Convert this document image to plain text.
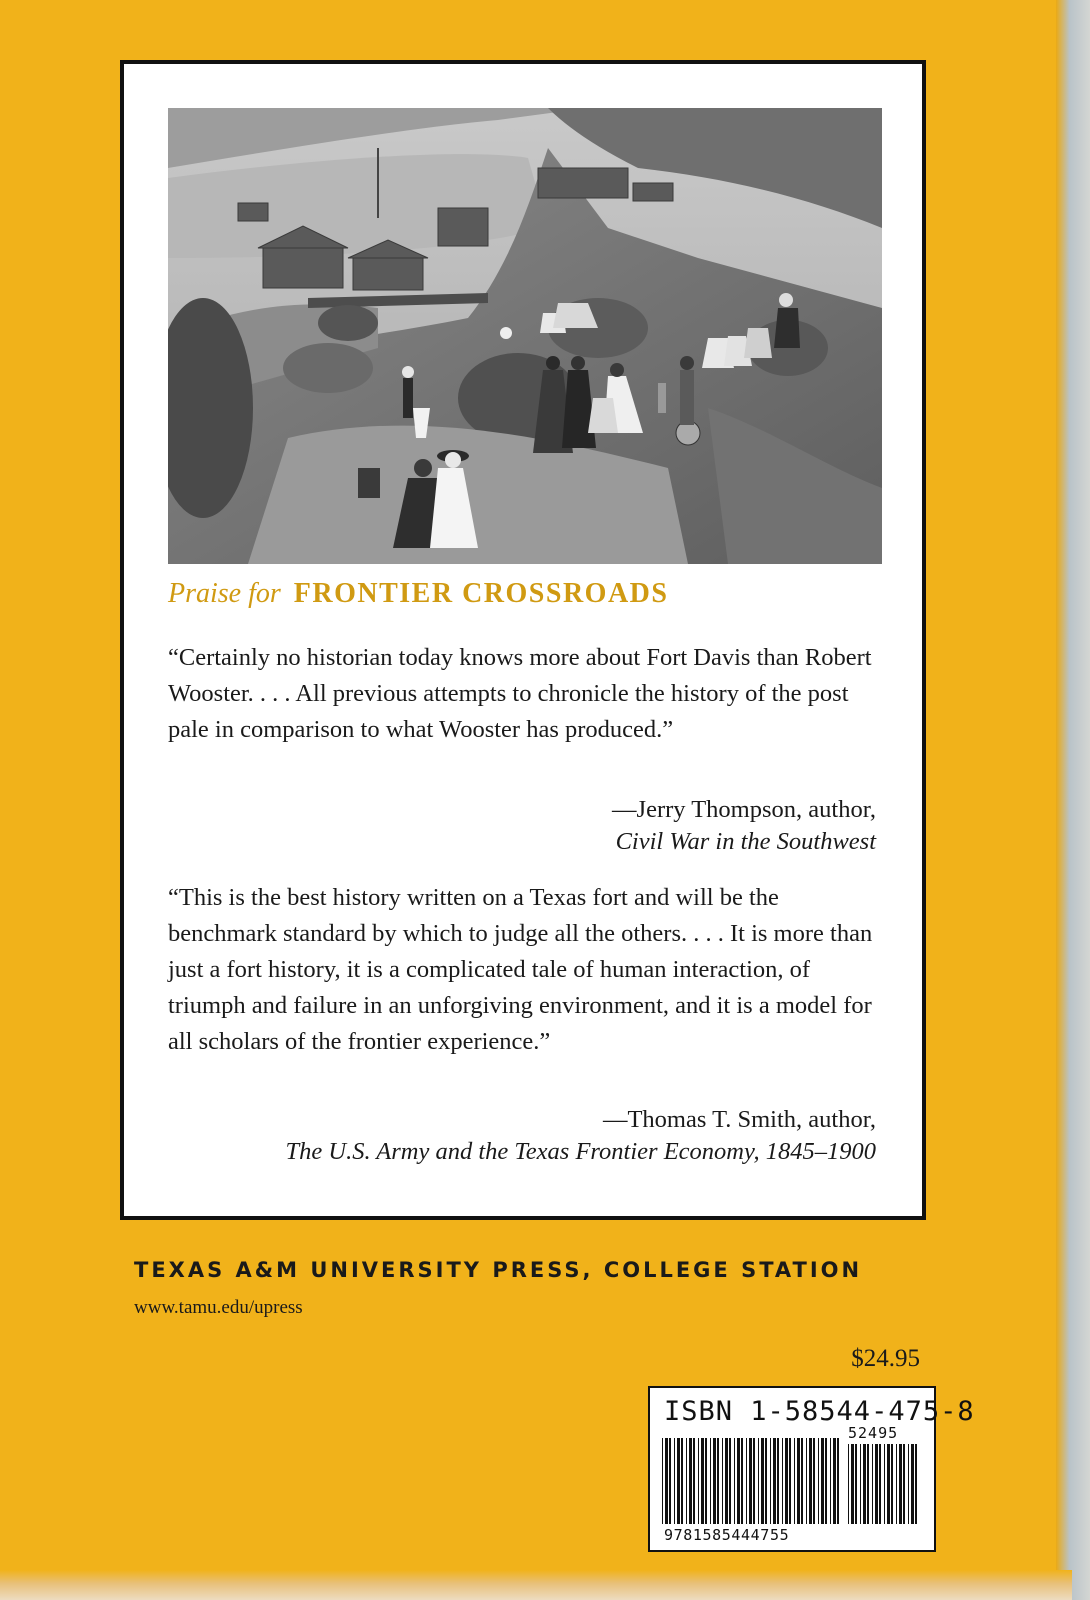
Praise for FRONTIER CROSSROADS

“Certainly no historian today knows more about Fort Davis than Robert Wooster. . . . All previous attempts to chronicle the history of the post pale in comparison to what Wooster has produced.”

—Jerry Thompson, author,
Civil War in the Southwest

“This is the best history written on a Texas fort and will be the benchmark standard by which to judge all the others. . . . It is more than just a fort history, it is a complicated tale of human interaction, of triumph and failure in an unforgiving environment, and it is a model for all scholars of the frontier experience.”

—Thomas T. Smith, author,
The U.S. Army and the Texas Frontier Economy, 1845–1900
TEXAS A&M UNIVERSITY PRESS, COLLEGE STATION
www.tamu.edu/upress
$24.95
ISBN 1-58544-475-8
52495
9781585444755
